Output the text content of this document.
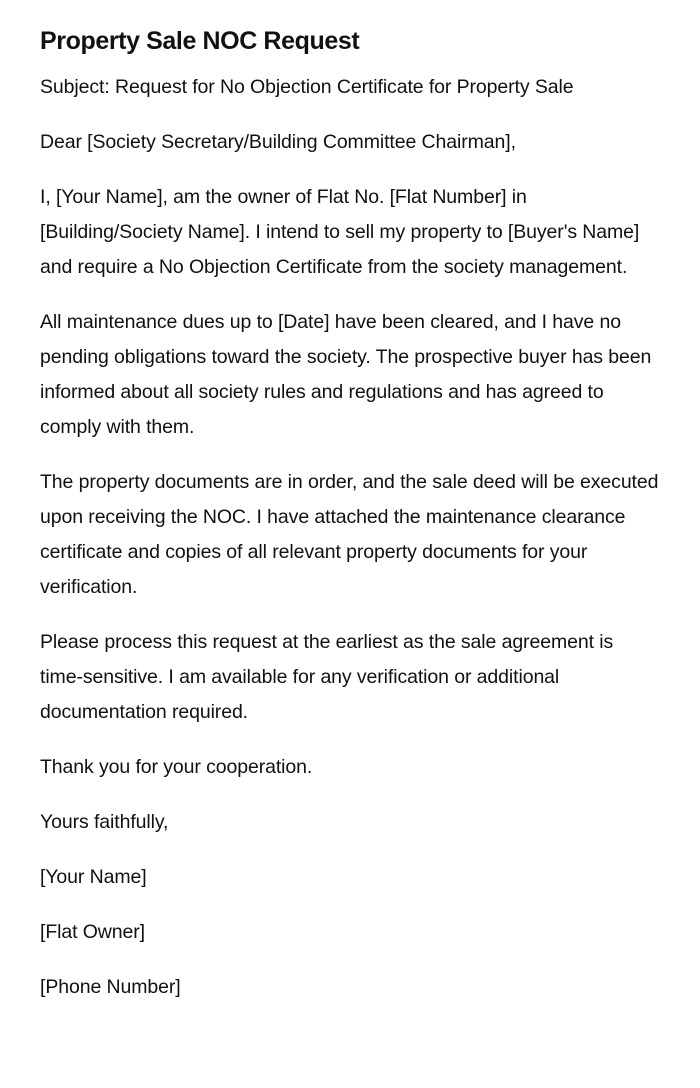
Property Sale NOC Request

Subject: Request for No Objection Certificate for Property Sale

Dear [Society Secretary/Building Committee Chairman],

I, [Your Name], am the owner of Flat No. [Flat Number] in [Building/Society Name]. I intend to sell my property to [Buyer's Name] and require a No Objection Certificate from the society management.

All maintenance dues up to [Date] have been cleared, and I have no pending obligations toward the society. The prospective buyer has been informed about all society rules and regulations and has agreed to comply with them.

The property documents are in order, and the sale deed will be executed upon receiving the NOC. I have attached the maintenance clearance certificate and copies of all relevant property documents for your verification.

Please process this request at the earliest as the sale agreement is time-sensitive. I am available for any verification or additional documentation required.

Thank you for your cooperation.

Yours faithfully,

[Your Name]

[Flat Owner]

[Phone Number]
